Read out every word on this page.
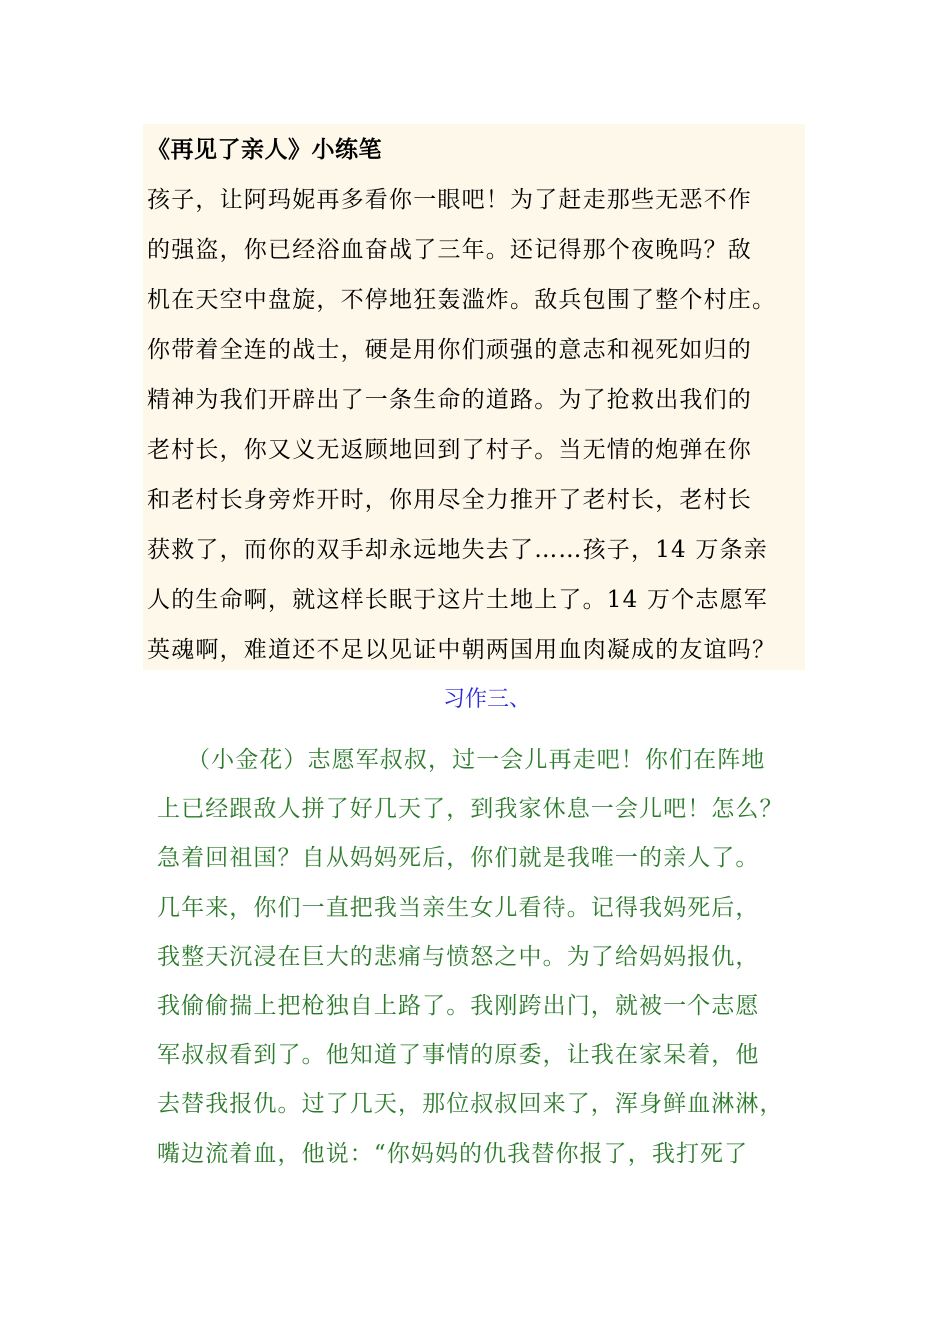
《再见了亲人》小练笔
孩子，让阿玛妮再多看你一眼吧！为了赶走那些无恶不作
的强盗，你已经浴血奋战了三年。还记得那个夜晚吗？敌
机在天空中盘旋，不停地狂轰滥炸。敌兵包围了整个村庄。
你带着全连的战士，硬是用你们顽强的意志和视死如归的
精神为我们开辟出了一条生命的道路。为了抢救出我们的
老村长，你又义无返顾地回到了村子。当无情的炮弹在你
和老村长身旁炸开时，你用尽全力推开了老村长，老村长
获救了，而你的双手却永远地失去了……孩子，14 万条亲
人的生命啊，就这样长眠于这片土地上了。14 万个志愿军
英魂啊，难道还不足以见证中朝两国用血肉凝成的友谊吗？
习作三、
（小金花）志愿军叔叔，过一会儿再走吧！你们在阵地
上已经跟敌人拼了好几天了，到我家休息一会儿吧！怎么？
急着回祖国？自从妈妈死后，你们就是我唯一的亲人了。
几年来，你们一直把我当亲生女儿看待。记得我妈死后，
我整天沉浸在巨大的悲痛与愤怒之中。为了给妈妈报仇，
我偷偷揣上把枪独自上路了。我刚跨出门，就被一个志愿
军叔叔看到了。他知道了事情的原委，让我在家呆着，他
去替我报仇。过了几天，那位叔叔回来了，浑身鲜血淋淋，
嘴边流着血，他说：“你妈妈的仇我替你报了，我打死了
